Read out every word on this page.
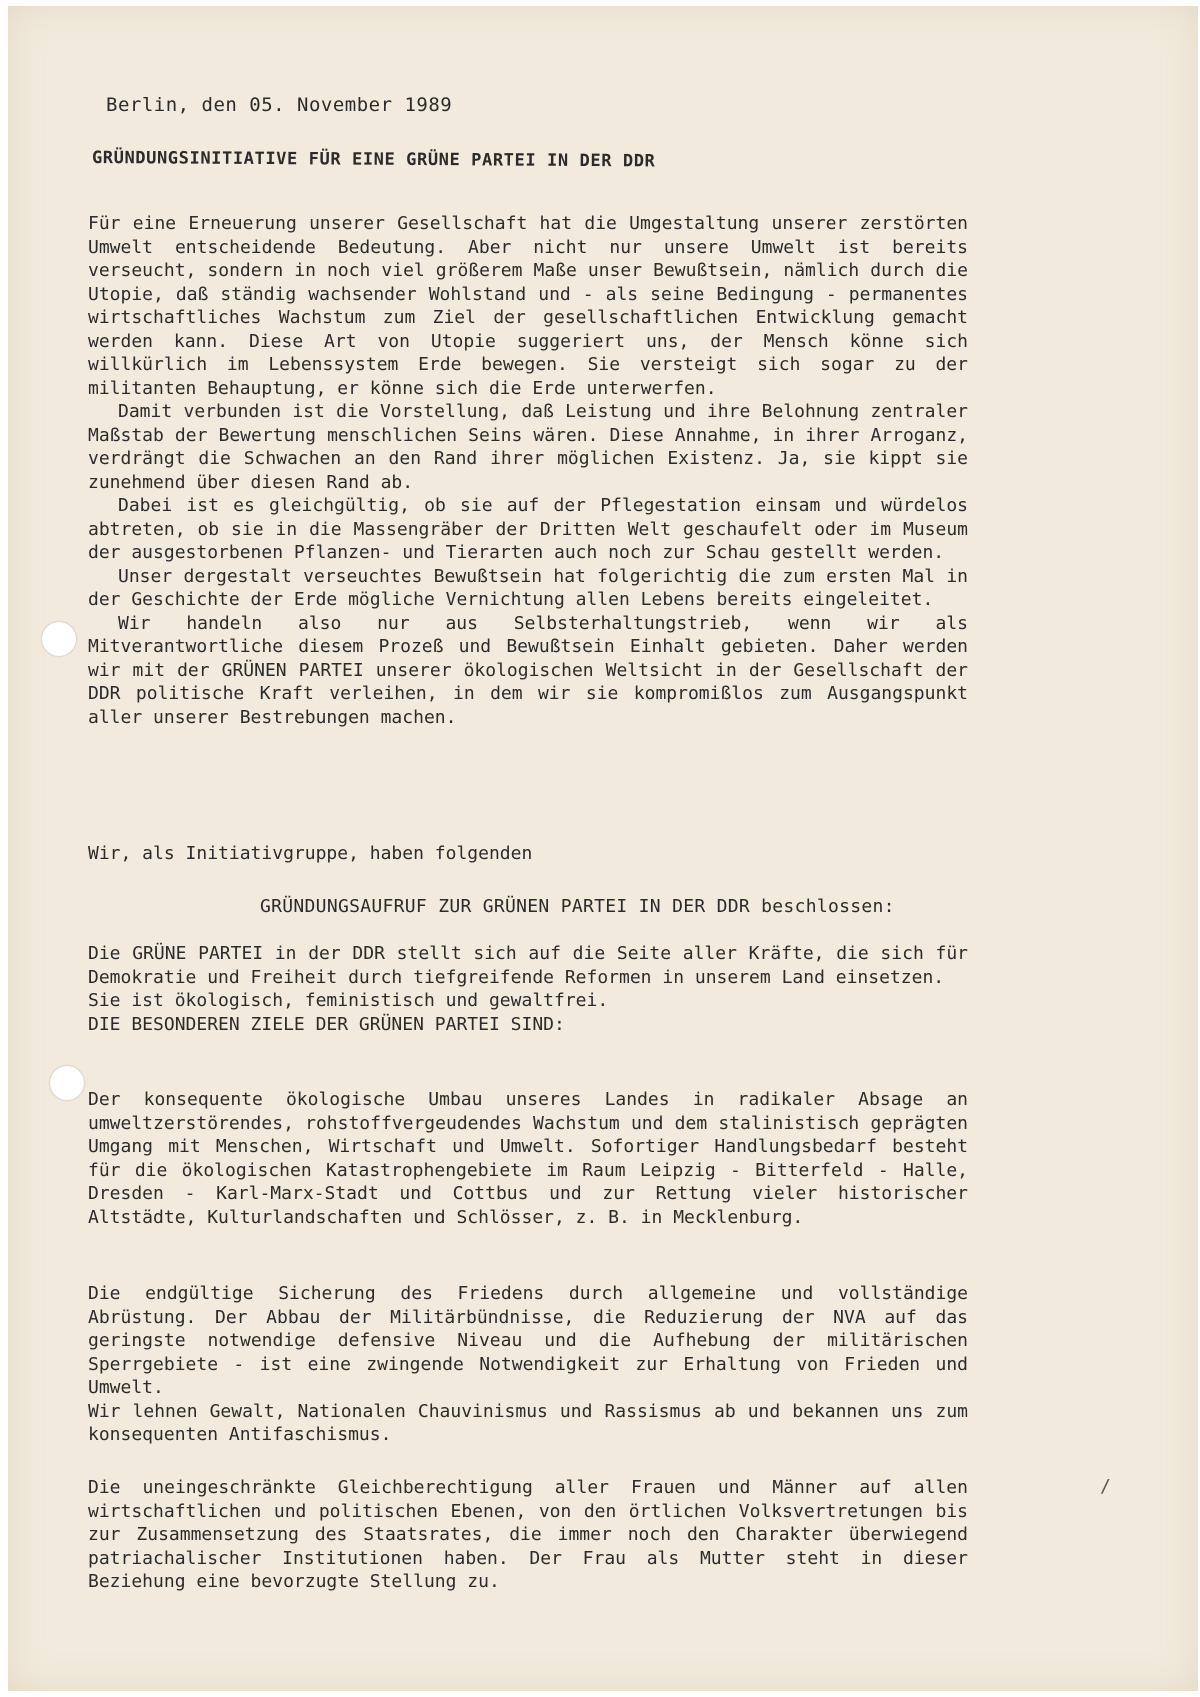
Berlin, den 05. November 1989
GRÜNDUNGSINITIATIVE FÜR EINE GRÜNE PARTEI IN DER DDR

Für eine Erneuerung unserer Gesellschaft hat die Umgestaltung unserer zerstörten Umwelt entscheidende Bedeutung. Aber nicht nur unsere Umwelt ist bereits verseucht, sondern in noch viel größerem Maße unser Bewußtsein, nämlich durch die Utopie, daß ständig wachsender Wohlstand und - als seine Bedingung - permanentes wirtschaftliches Wachstum zum Ziel der gesellschaftlichen Entwicklung gemacht werden kann. Diese Art von Utopie suggeriert uns, der Mensch könne sich willkürlich im Lebenssystem Erde bewegen. Sie versteigt sich sogar zu der militanten Behauptung, er könne sich die Erde unterwerfen.

Damit verbunden ist die Vorstellung, daß Leistung und ihre Belohnung zentraler Maßstab der Bewertung menschlichen Seins wären. Diese Annahme, in ihrer Arroganz, verdrängt die Schwachen an den Rand ihrer möglichen Existenz. Ja, sie kippt sie zunehmend über diesen Rand ab.

Dabei ist es gleichgültig, ob sie auf der Pflegestation einsam und würdelos abtreten, ob sie in die Massengräber der Dritten Welt geschaufelt oder im Museum der ausgestorbenen Pflanzen- und Tierarten auch noch zur Schau gestellt werden.

Unser dergestalt verseuchtes Bewußtsein hat folgerichtig die zum ersten Mal in der Geschichte der Erde mögliche Vernichtung allen Lebens bereits eingeleitet.

Wir handeln also nur aus Selbsterhaltungstrieb, wenn wir als Mitverantwortliche diesem Prozeß und Bewußtsein Einhalt gebieten. Daher werden wir mit der GRÜNEN PARTEI unserer ökologischen Weltsicht in der Gesellschaft der DDR politische Kraft verleihen, in dem wir sie kompromißlos zum Ausgangspunkt aller unserer Bestrebungen machen.

Wir, als Initiativgruppe, haben folgenden
GRÜNDUNGSAUFRUF ZUR GRÜNEN PARTEI IN DER DDR beschlossen:

Die GRÜNE PARTEI in der DDR stellt sich auf die Seite aller Kräfte, die sich für Demokratie und Freiheit durch tiefgreifende Reformen in unserem Land einsetzen.

Sie ist ökologisch, feministisch und gewaltfrei.

DIE BESONDEREN ZIELE DER GRÜNEN PARTEI SIND:

Der konsequente ökologische Umbau unseres Landes in radikaler Absage an umweltzerstörendes, rohstoffvergeudendes Wachstum und dem stalinistisch geprägten Umgang mit Menschen, Wirtschaft und Umwelt. Sofortiger Handlungsbedarf besteht für die ökologischen Katastrophengebiete im Raum Leipzig - Bitterfeld - Halle, Dresden - Karl-Marx-Stadt und Cottbus und zur Rettung vieler historischer Altstädte, Kulturlandschaften und Schlösser, z. B. in Mecklenburg.

Die endgültige Sicherung des Friedens durch allgemeine und vollständige Abrüstung. Der Abbau der Militärbündnisse, die Reduzierung der NVA auf das geringste notwendige defensive Niveau und die Aufhebung der militärischen Sperrgebiete - ist eine zwingende Notwendigkeit zur Erhaltung von Frieden und Umwelt.

Wir lehnen Gewalt, Nationalen Chauvinismus und Rassismus ab und bekannen uns zum konsequenten Antifaschismus.

Die uneingeschränkte Gleichberechtigung aller Frauen und Männer auf allen wirtschaftlichen und politischen Ebenen, von den örtlichen Volksvertretungen bis zur Zusammensetzung des Staatsrates, die immer noch den Charakter überwiegend patriachalischer Institutionen haben. Der Frau als Mutter steht in dieser Beziehung eine bevorzugte Stellung zu.
/
